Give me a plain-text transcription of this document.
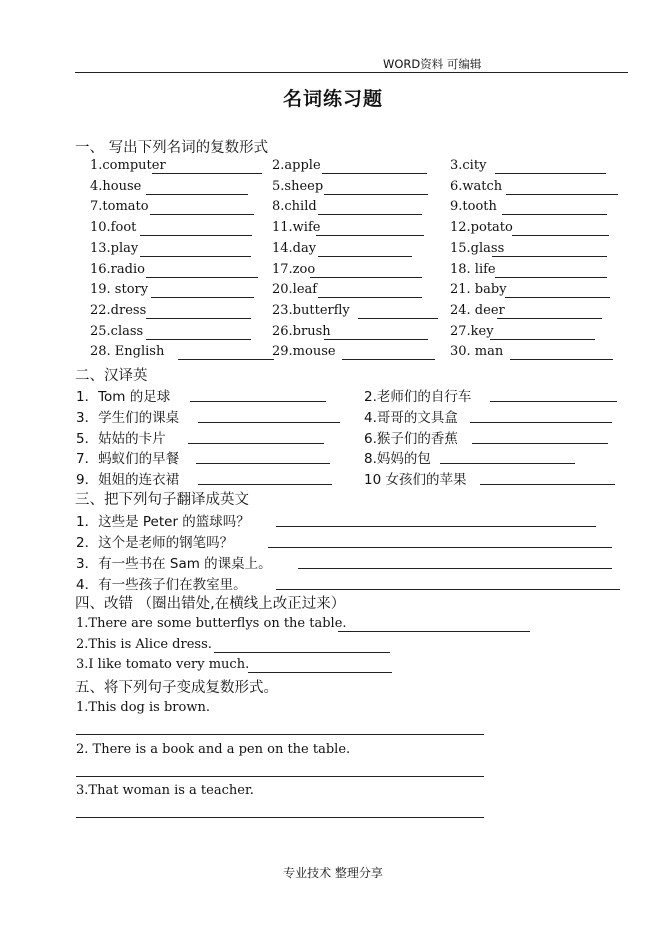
WORD资料 可编辑
名词练习题
一、 写出下列名词的复数形式
1.computer	2.apple	3.city
4.house	5.sheep	6.watch
7.tomato	8.child	9.tooth
10.foot	11.wife	12.potato
13.play	14.day	15.glass
16.radio	17.zoo	18. life
19. story	20.leaf	21. baby
22.dress	23.butterfly	24. deer
25.class	26.brush	27.key
28. English	29.mouse	30. man
二、汉译英
1．Tom 的足球	2.老师们的自行车
3．学生们的课桌	4.哥哥的文具盒
5．姑姑的卡片	6.猴子们的香蕉
7．蚂蚁们的早餐	8.妈妈的包
9．姐姐的连衣裙	10 女孩们的苹果
三、把下列句子翻译成英文
1．这些是 Peter 的篮球吗？
2．这个是老师的钢笔吗？
3．有一些书在 Sam 的课桌上。
4．有一些孩子们在教室里。
四、改错 （圈出错处,在横线上改正过来）
1.There are some butterflys on the table.
2.This is Alice dress.
3.I like tomato very much.
五、将下列句子变成复数形式。
1.This dog is brown.
2. There is a book and a pen on the table.
3.That woman is a teacher.
专业技术 整理分享
